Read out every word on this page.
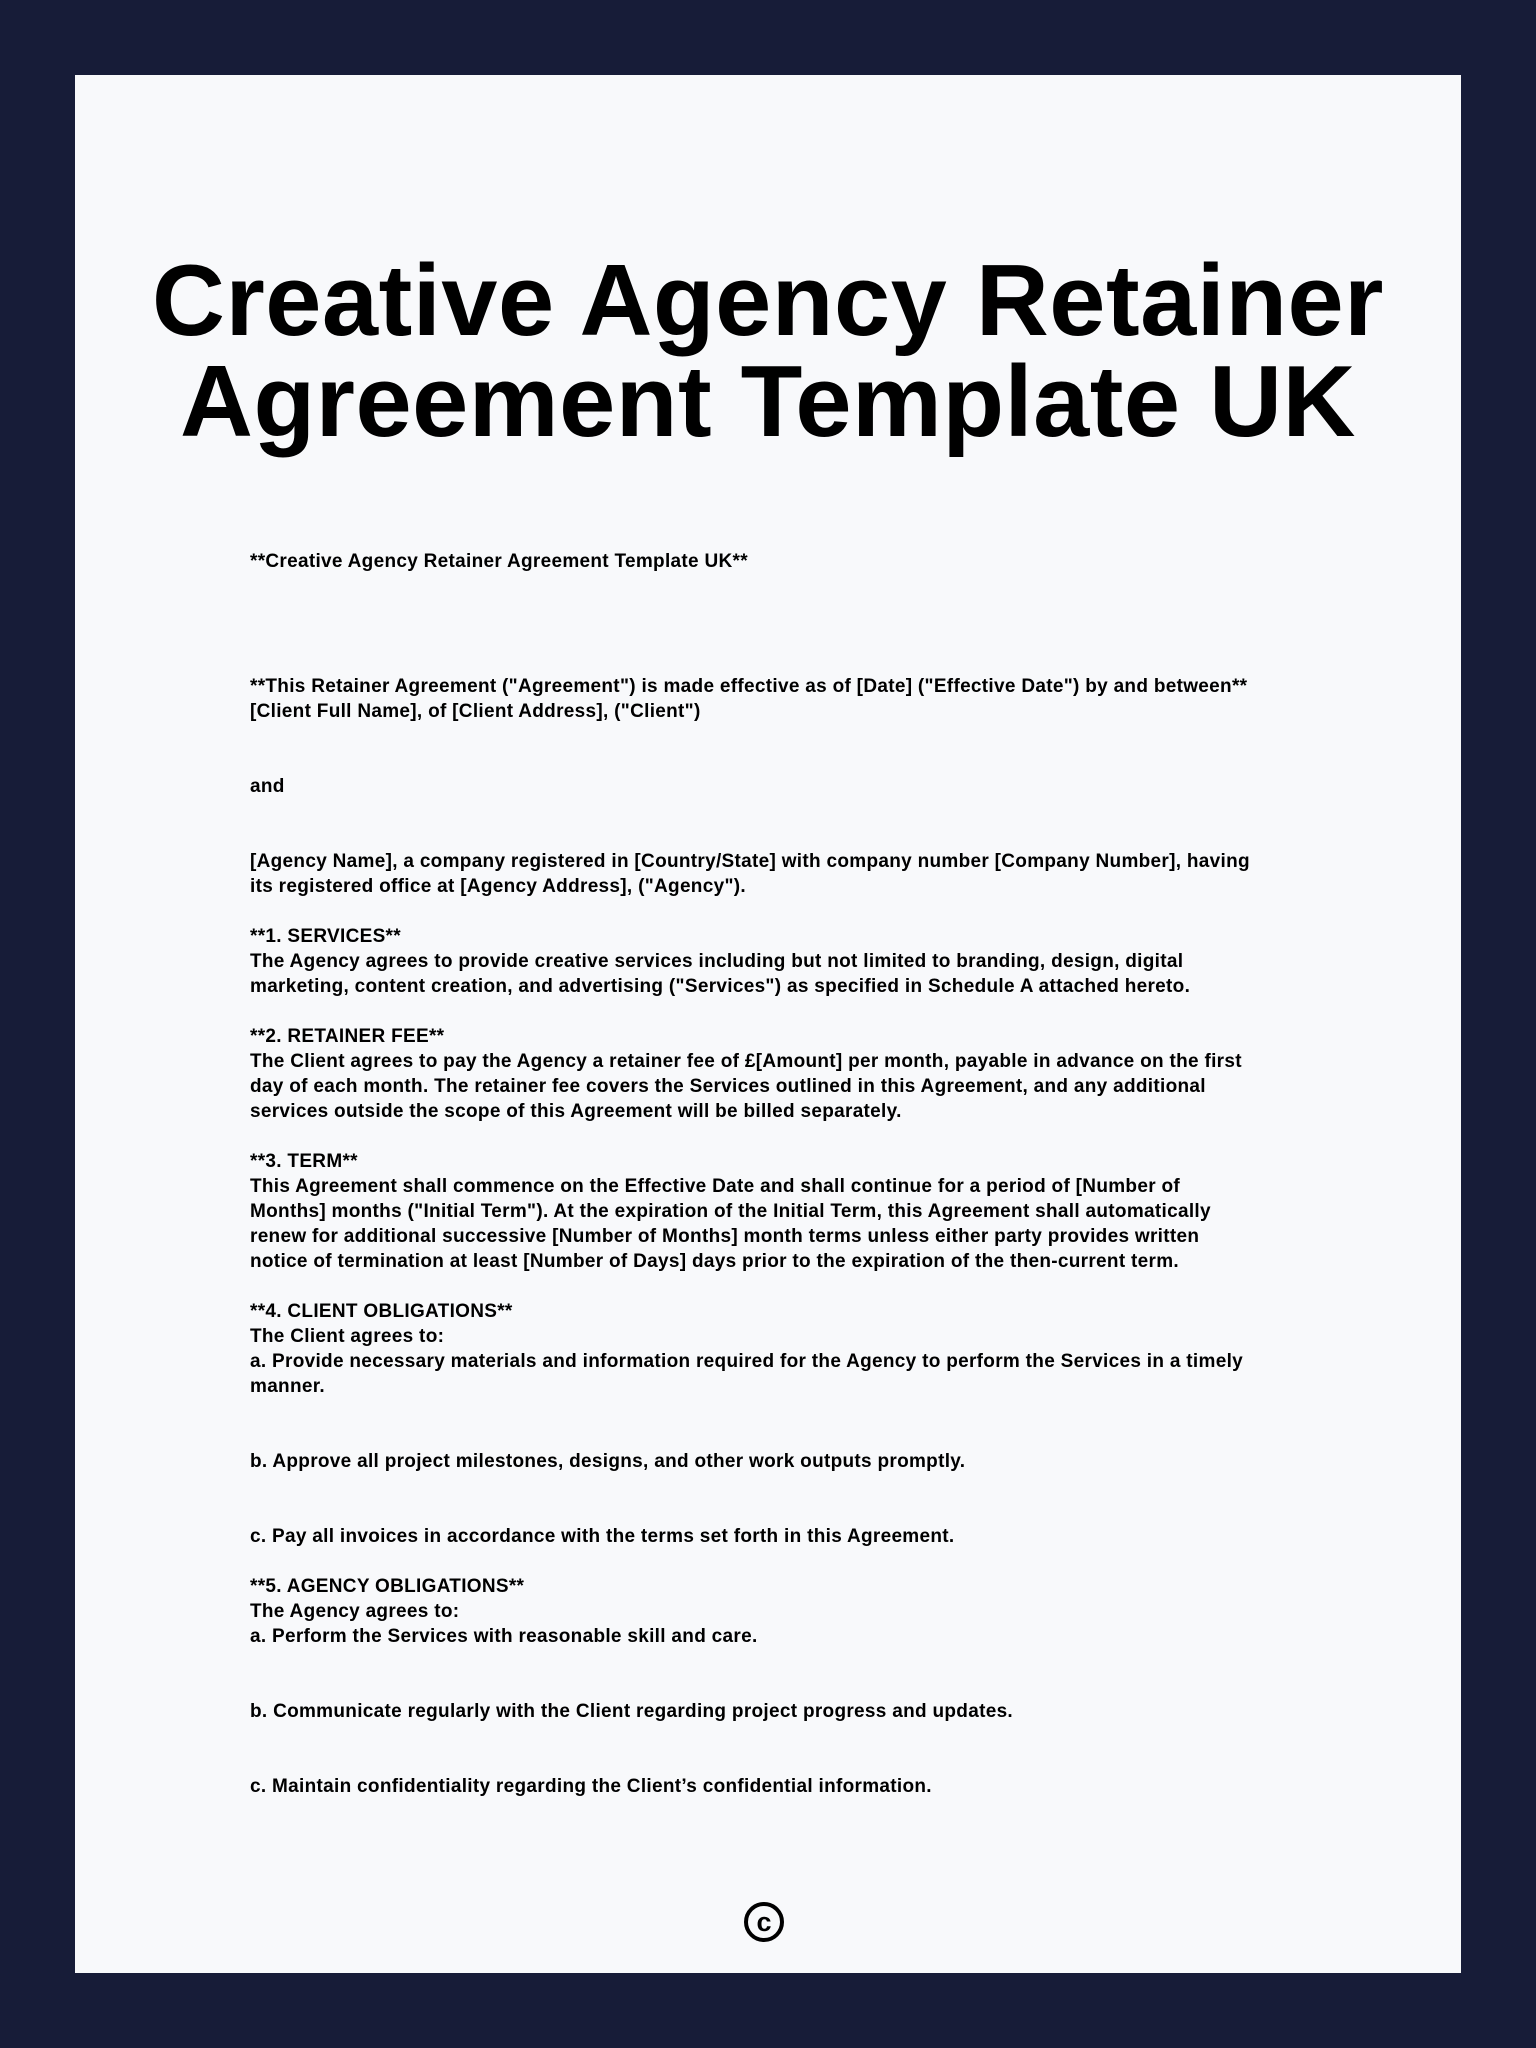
Creative Agency Retainer
Agreement Template UK

**Creative Agency Retainer Agreement Template UK**

**This Retainer Agreement ("Agreement") is made effective as of [Date] ("Effective Date") by and between**
[Client Full Name], of [Client Address], ("Client")

and

[Agency Name], a company registered in [Country/State] with company number [Company Number], having
its registered office at [Agency Address], ("Agency").

**1. SERVICES**
The Agency agrees to provide creative services including but not limited to branding, design, digital
marketing, content creation, and advertising ("Services") as specified in Schedule A attached hereto.
**2. RETAINER FEE**
The Client agrees to pay the Agency a retainer fee of £[Amount] per month, payable in advance on the first
day of each month. The retainer fee covers the Services outlined in this Agreement, and any additional
services outside the scope of this Agreement will be billed separately.
**3. TERM**
This Agreement shall commence on the Effective Date and shall continue for a period of [Number of
Months] months ("Initial Term"). At the expiration of the Initial Term, this Agreement shall automatically
renew for additional successive [Number of Months] month terms unless either party provides written
notice of termination at least [Number of Days] days prior to the expiration of the then-current term.
**4. CLIENT OBLIGATIONS**
The Client agrees to:
a. Provide necessary materials and information required for the Agency to perform the Services in a timely
manner.

b. Approve all project milestones, designs, and other work outputs promptly.

c. Pay all invoices in accordance with the terms set forth in this Agreement.

**5. AGENCY OBLIGATIONS**
The Agency agrees to:
a. Perform the Services with reasonable skill and care.

b. Communicate regularly with the Client regarding project progress and updates.

c. Maintain confidentiality regarding the Client’s confidential information.

c
